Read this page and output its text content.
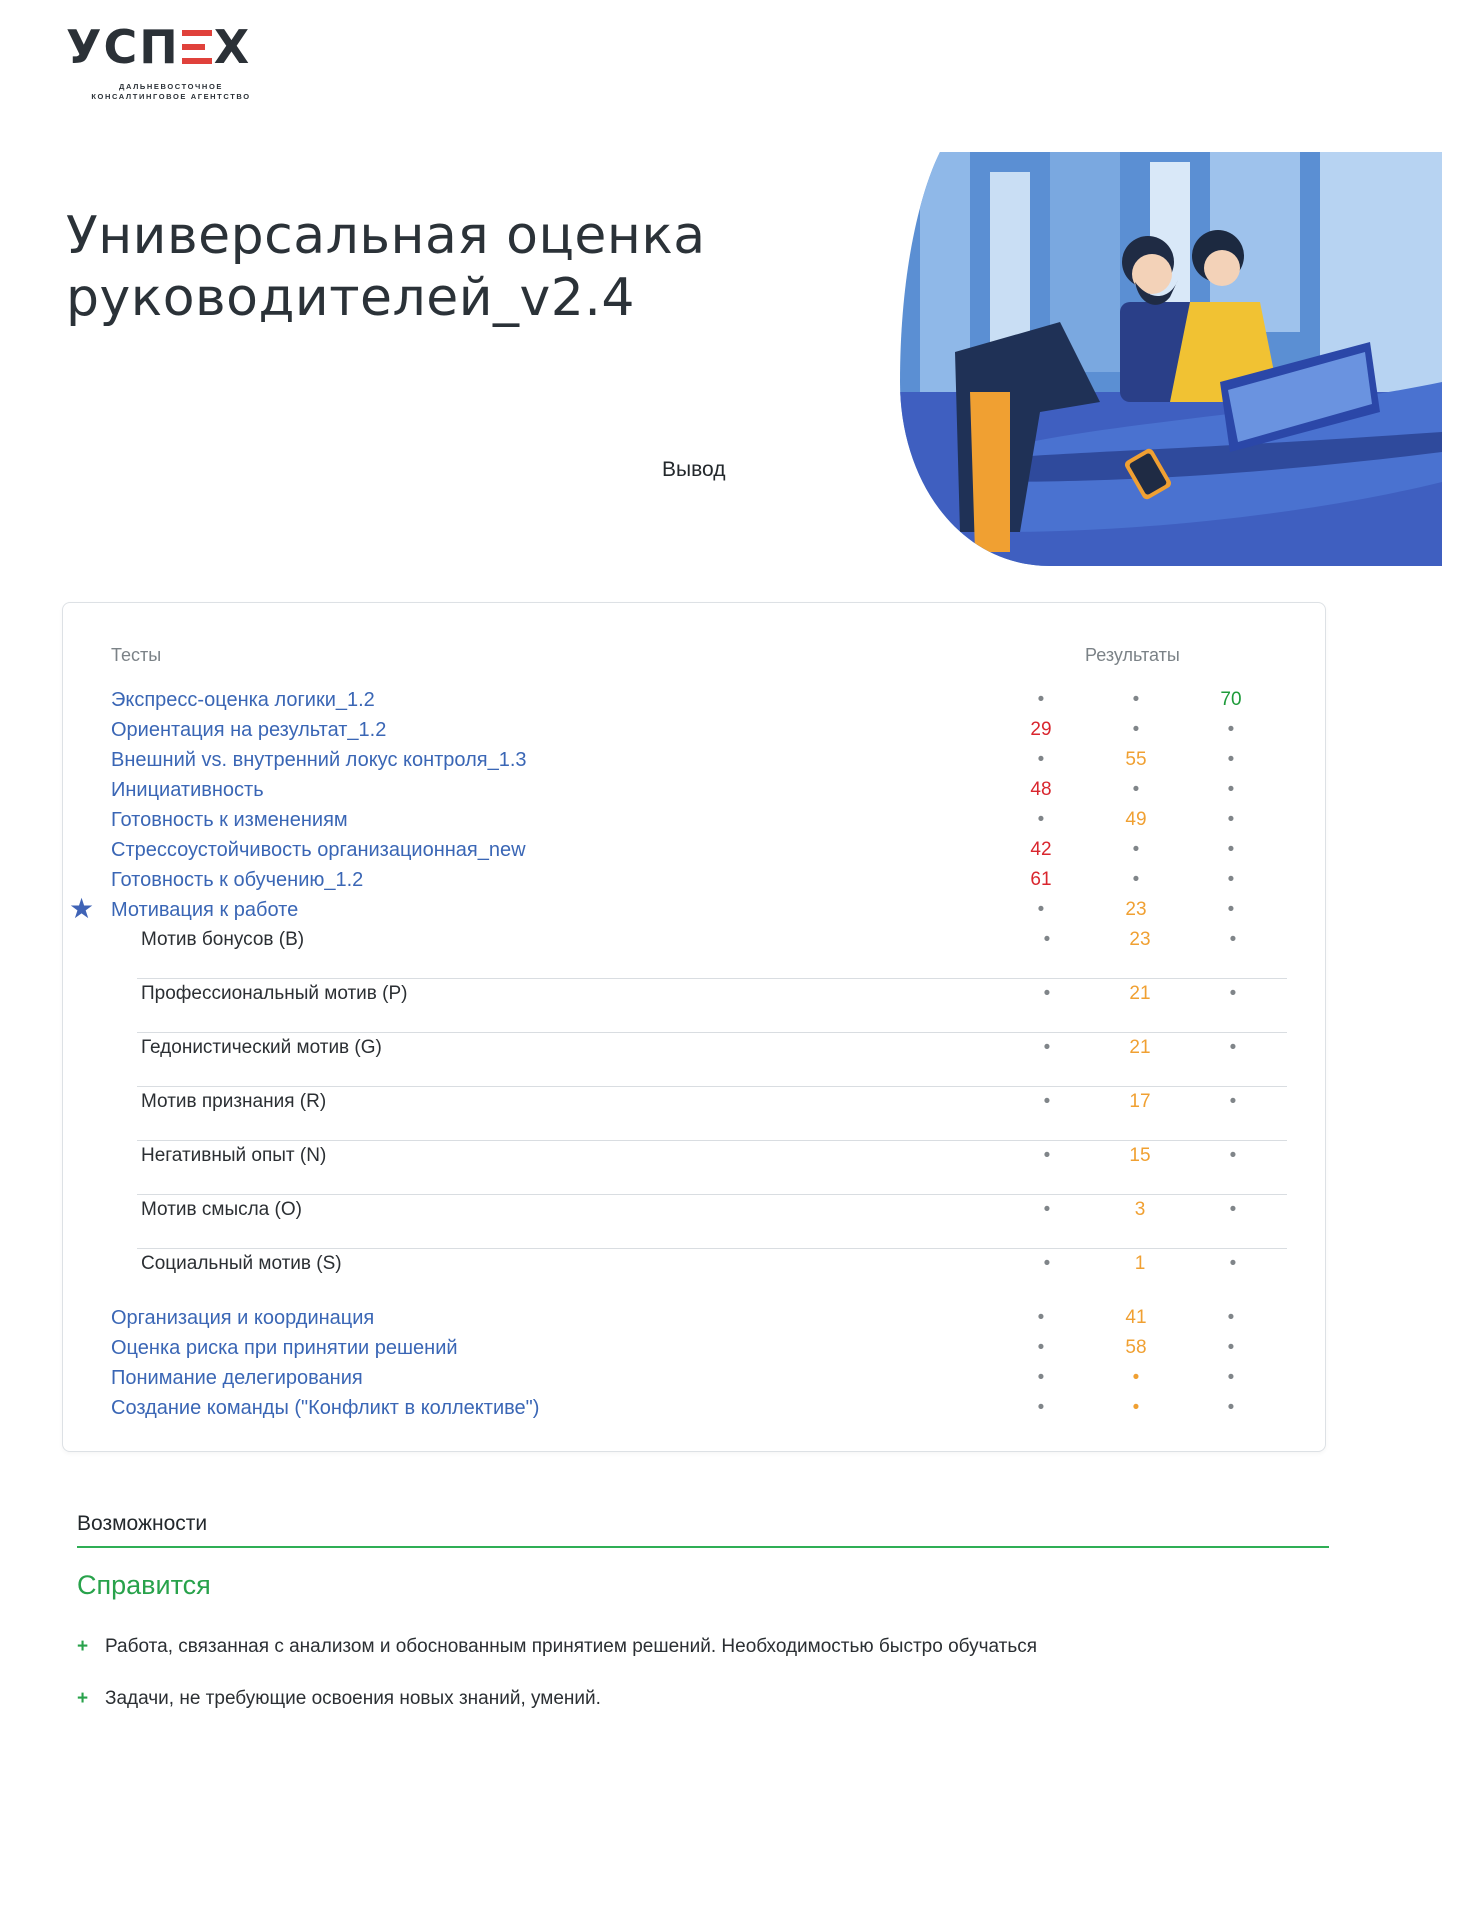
УСП Х
ДАЛЬНЕВОСТОЧНОЕ
КОНСАЛТИНГОВОЕ АГЕНТСТВО
Универсальная оценка руководителей_v2.4
Вывод
Тесты	Результаты
Экспресс-оценка логики_1.2	•	•	70
Ориентация на результат_1.2	29	•	•
Внешний vs. внутренний локус контроля_1.3	•	55	•
Инициативность	48	•	•
Готовность к изменениям	•	49	•
Стрессоустойчивость организационная_new	42	•	•
Готовность к обучению_1.2	61	•	•
★ Мотивация к работе	•	23	•
Мотив бонусов (B)	•	23	•
Профессиональный мотив (P)	•	21	•
Гедонистический мотив (G)	•	21	•
Мотив признания (R)	•	17	•
Негативный опыт (N)	•	15	•
Мотив смысла (O)	•	3	•
Социальный мотив (S)	•	1	•
Организация и координация	•	41	•
Оценка риска при принятии решений	•	58	•
Понимание делегирования	•	•	•
Создание команды ("Конфликт в коллективе")	•	•	•
Возможности
Справится
+ Работа, связанная с анализом и обоснованным принятием решений. Необходимостью быстро обучаться
+ Задачи, не требующие освоения новых знаний, умений.
